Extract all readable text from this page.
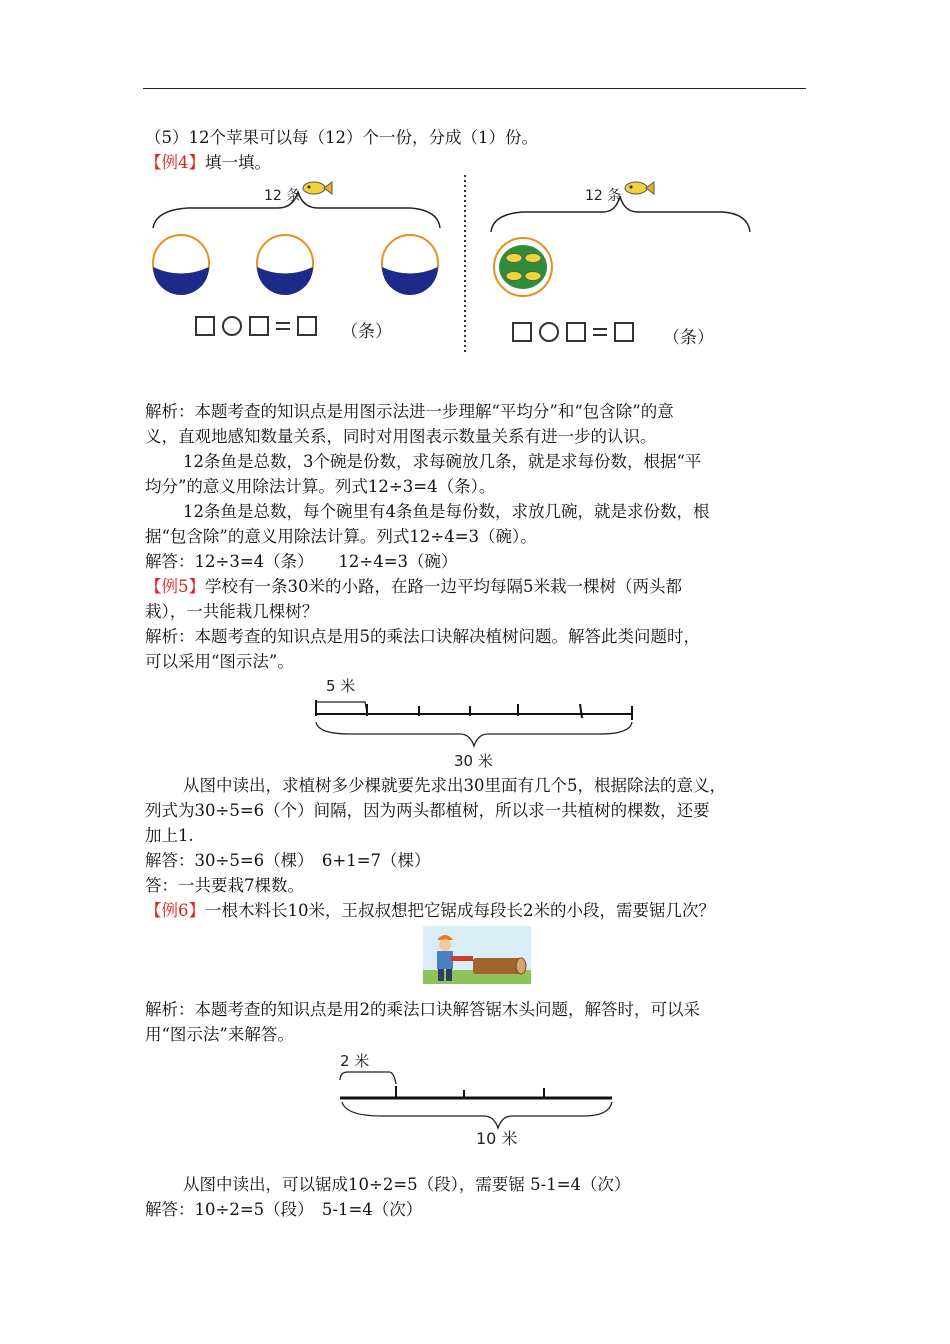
（5）12个苹果可以每（12）个一份，分成（1）份。
【例4】填一填。
12 条
（条）
12 条
（条）
解析：本题考查的知识点是用图示法进一步理解“平均分”和“包含除”的意
义，直观地感知数量关系，同时对用图表示数量关系有进一步的认识。
12条鱼是总数，3个碗是份数，求每碗放几条，就是求每份数，根据“平
均分”的意义用除法计算。列式12÷3=4（条）。
12条鱼是总数，每个碗里有4条鱼是每份数，求放几碗，就是求份数，根
据“包含除”的意义用除法计算。列式12÷4=3（碗）。
解答：12÷3=4（条）　　12÷4=3（碗）
【例5】学校有一条30米的小路，在路一边平均每隔5米栽一棵树（两头都
栽），一共能栽几棵树？
解析：本题考查的知识点是用5的乘法口诀解决植树问题。解答此类问题时，
可以采用“图示法”。
5 米
30 米
从图中读出，求植树多少棵就要先求出30里面有几个5，根据除法的意义，
列式为30÷5=6（个）间隔，因为两头都植树，所以求一共植树的棵数，还要
加上1.
解答：30÷5=6（棵）　6+1=7（棵）
答：一共要栽7棵数。
【例6】一根木料长10米，王叔叔想把它锯成每段长2米的小段，需要锯几次？
解析：本题考查的知识点是用2的乘法口诀解答锯木头问题，解答时，可以采
用“图示法”来解答。
2 米
10 米
从图中读出，可以锯成10÷2=5（段），需要锯 5-1=4（次）
解答：10÷2=5（段）　5-1=4（次）
